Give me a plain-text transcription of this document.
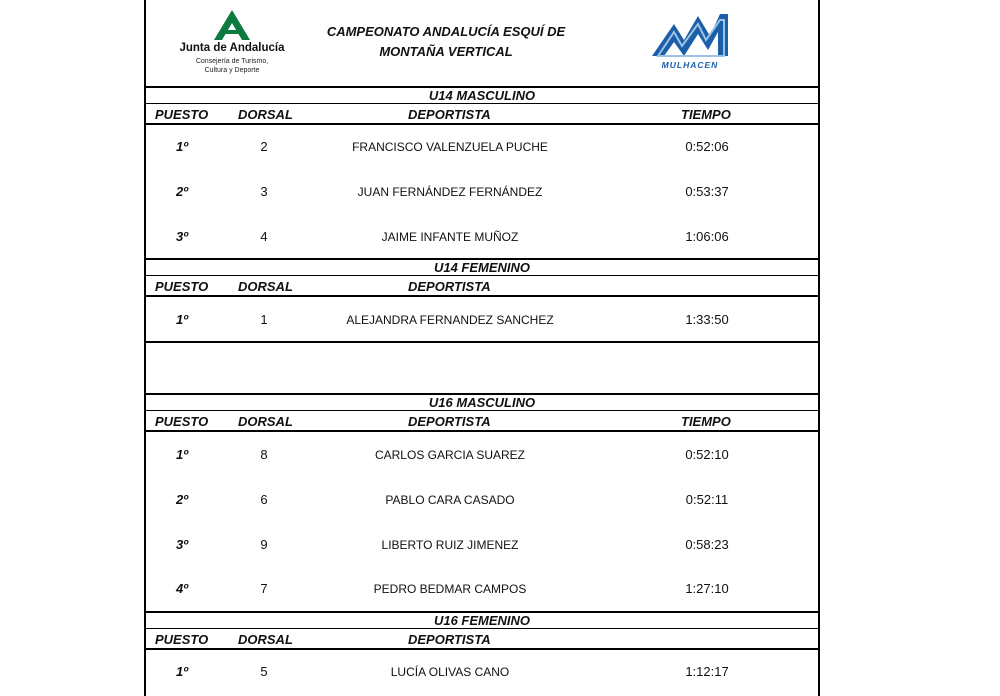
Junta de Andalucía
Consejería de Turismo,
Cultura y Deporte
CAMPEONATO ANDALUCÍA ESQUÍ DE
MONTAÑA VERTICAL
MULHACEN
U14 MASCULINO
PUESTO DORSAL	DEPORTISTA	TIEMPO
1º	2	FRANCISCO VALENZUELA PUCHE	0:52:06
2º	3	JUAN FERNÁNDEZ FERNÁNDEZ	0:53:37
3º	4	JAIME INFANTE MUÑOZ	1:06:06
U14 FEMENINO
PUESTO DORSAL	DEPORTISTA
1º	1	ALEJANDRA FERNANDEZ SANCHEZ	1:33:50
U16 MASCULINO
PUESTO DORSAL	DEPORTISTA	TIEMPO
1º	8	CARLOS GARCIA SUAREZ	0:52:10
2º	6	PABLO CARA CASADO	0:52:11
3º	9	LIBERTO RUIZ JIMENEZ	0:58:23
4º	7	PEDRO BEDMAR CAMPOS	1:27:10
U16 FEMENINO
PUESTO DORSAL	DEPORTISTA
1º	5	LUCÍA OLIVAS CANO	1:12:17
